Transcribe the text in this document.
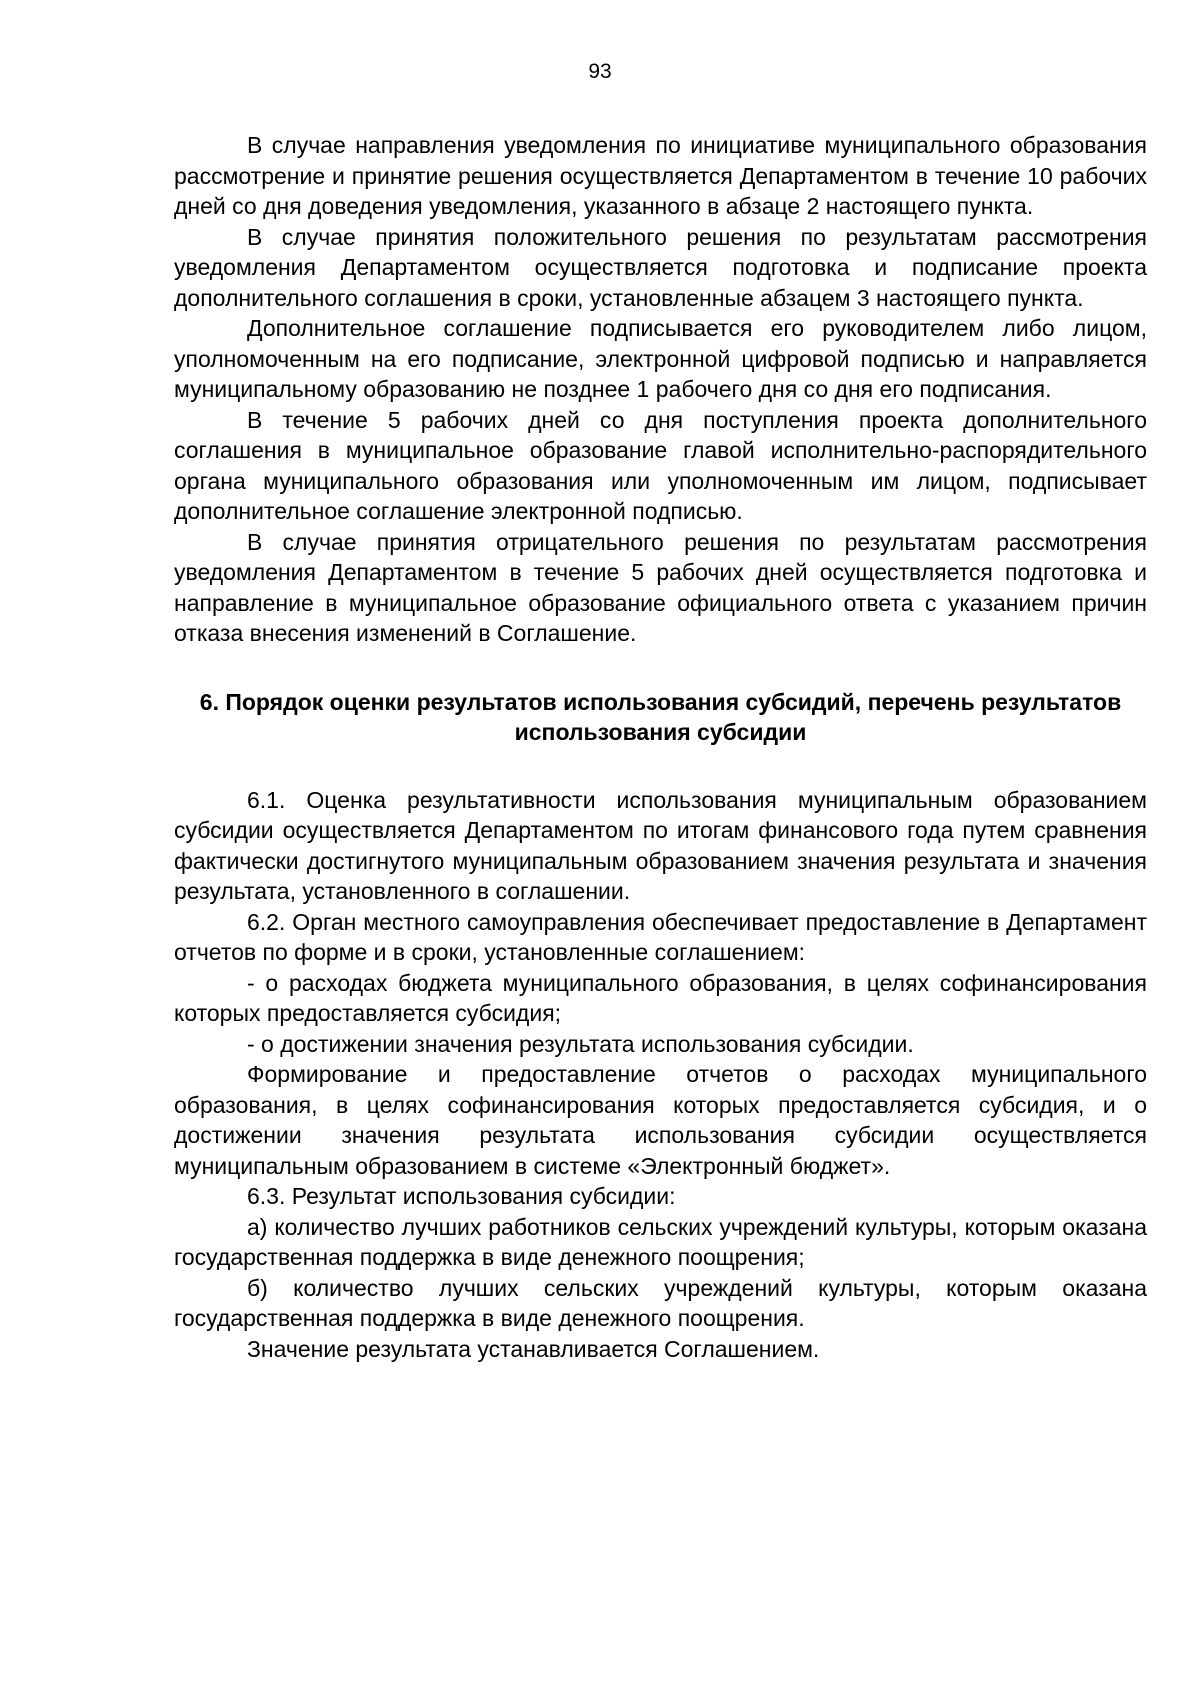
93

В случае направления уведомления по инициативе муниципального образования рассмотрение и принятие решения осуществляется Департаментом в течение 10 рабочих дней со дня доведения уведомления, указанного в абзаце 2 настоящего пункта.

В случае принятия положительного решения по результатам рассмотрения уведомления Департаментом осуществляется подготовка и подписание проекта дополнительного соглашения в сроки, установленные абзацем 3 настоящего пункта.

Дополнительное соглашение подписывается его руководителем либо лицом, уполномоченным на его подписание, электронной цифровой подписью и направляется муниципальному образованию не позднее 1 рабочего дня со дня его подписания.

В течение 5 рабочих дней со дня поступления проекта дополнительного соглашения в муниципальное образование главой исполнительно-распорядительного органа муниципального образования или уполномоченным им лицом, подписывает дополнительное соглашение электронной подписью.

В случае принятия отрицательного решения по результатам рассмотрения уведомления Департаментом в течение 5 рабочих дней осуществляется подготовка и направление в муниципальное образование официального ответа с указанием причин отказа внесения изменений в Соглашение.

6. Порядок оценки результатов использования субсидий, перечень результатов использования субсидии

6.1. Оценка результативности использования муниципальным образованием субсидии осуществляется Департаментом по итогам финансового года путем сравнения фактически достигнутого муниципальным образованием значения результата и значения результата, установленного в соглашении.

6.2. Орган местного самоуправления обеспечивает предоставление в Департамент отчетов по форме и в сроки, установленные соглашением:

- о расходах бюджета муниципального образования, в целях софинансирования которых предоставляется субсидия;

- о достижении значения результата использования субсидии.

Формирование и предоставление отчетов о расходах муниципального образования, в целях софинансирования которых предоставляется субсидия, и о достижении значения результата использования субсидии осуществляется муниципальным образованием в системе «Электронный бюджет».

6.3. Результат использования субсидии:

а) количество лучших работников сельских учреждений культуры, которым оказана государственная поддержка в виде денежного поощрения;

б) количество лучших сельских учреждений культуры, которым оказана государственная поддержка в виде денежного поощрения.

Значение результата устанавливается Соглашением.
